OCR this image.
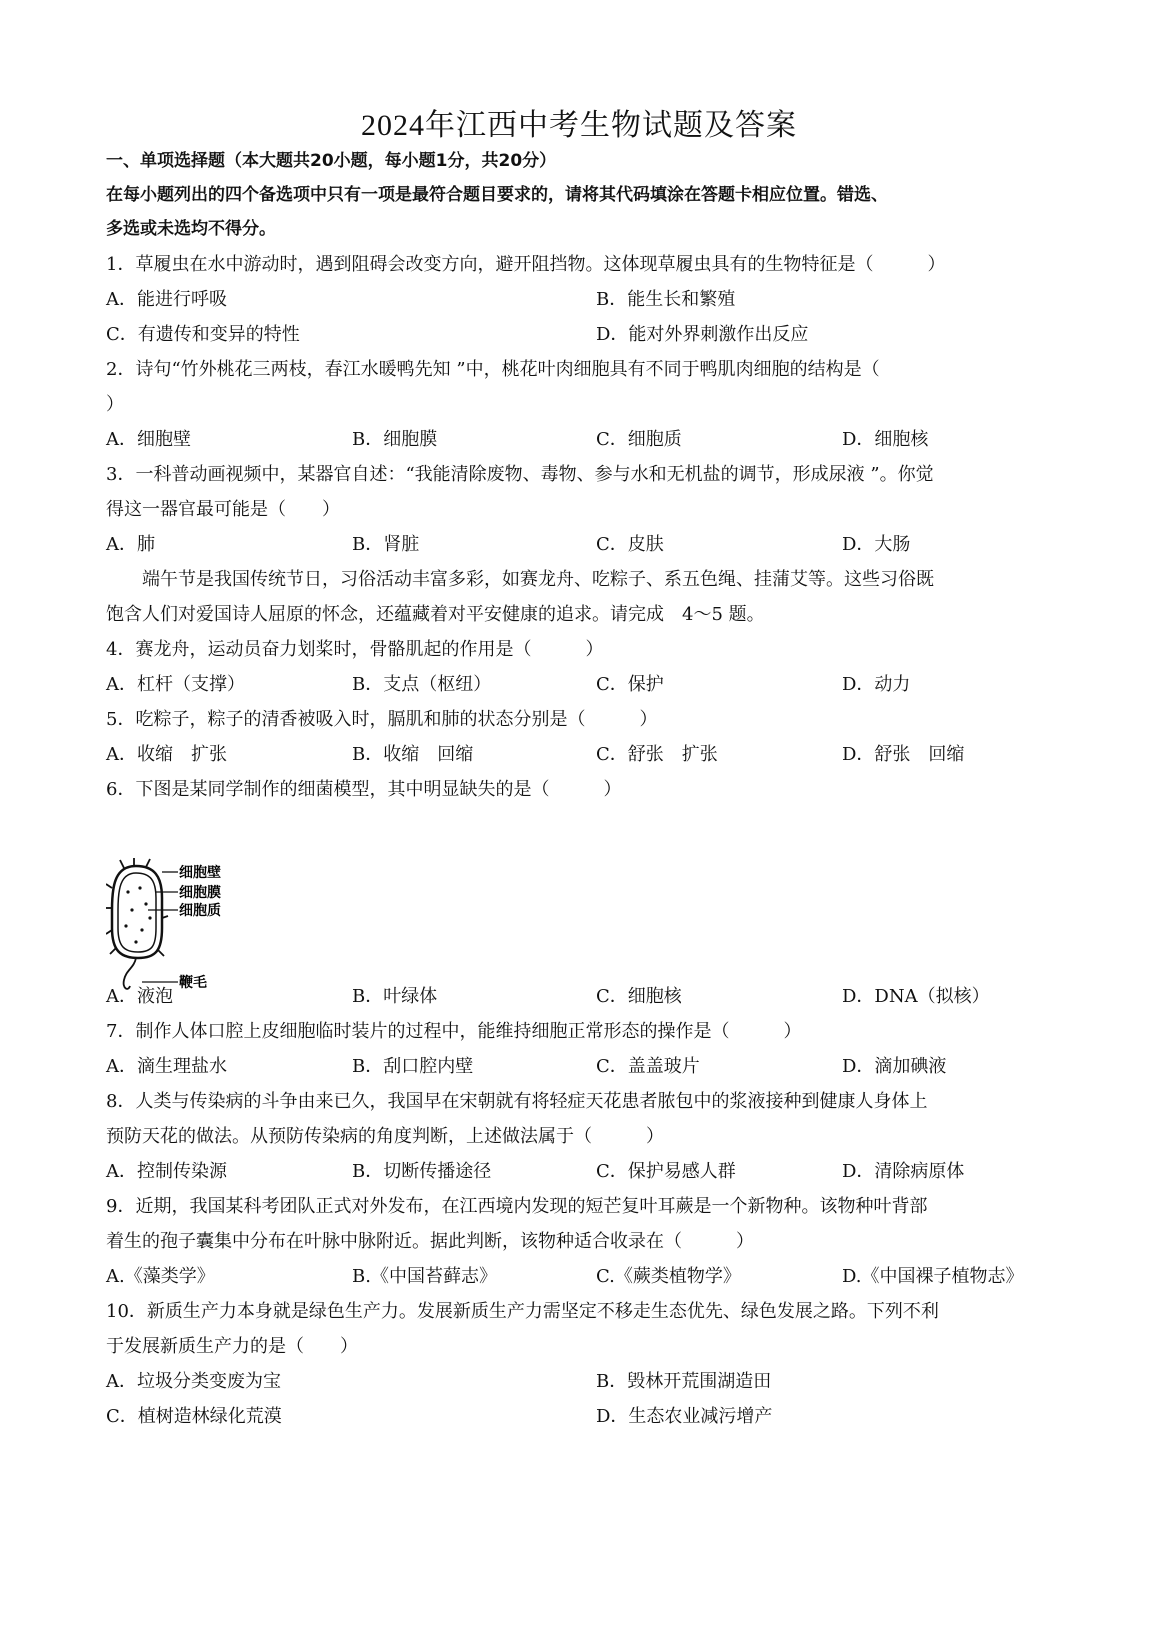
2024年江西中考生物试题及答案
一、单项选择题（本大题共20小题，每小题1分，共20分）
在每小题列出的四个备选项中只有一项是最符合题目要求的，请将其代码填涂在答题卡相应位置。错选、
多选或未选均不得分。
1．草履虫在水中游动时，遇到阻碍会改变方向，避开阻挡物。这体现草履虫具有的生物特征是（　　　）
A．能进行呼吸	B．能生长和繁殖
C．有遗传和变异的特性	D．能对外界刺激作出反应
2．诗句“竹外桃花三两枝，春江水暖鸭先知 ”中，桃花叶肉细胞具有不同于鸭肌肉细胞的结构是（
）
A．细胞壁	B．细胞膜	C．细胞质	D．细胞核
3．一科普动画视频中，某器官自述：“我能清除废物、毒物、参与水和无机盐的调节，形成尿液 ”。你觉
得这一器官最可能是（　　）
A．肺	B．肾脏	C．皮肤	D．大肠
端午节是我国传统节日，习俗活动丰富多彩，如赛龙舟、吃粽子、系五色绳、挂蒲艾等。这些习俗既
饱含人们对爱国诗人屈原的怀念，还蕴藏着对平安健康的追求。请完成　4～5 题。
4．赛龙舟，运动员奋力划桨时，骨骼肌起的作用是（　　　）
A．杠杆（支撑）	B．支点（枢纽）	C．保护	D．动力
5．吃粽子，粽子的清香被吸入时，膈肌和肺的状态分别是（　　　）
A．收缩　扩张	B．收缩　回缩	C．舒张　扩张	D．舒张　回缩
6．下图是某同学制作的细菌模型，其中明显缺失的是（　　　）
细胞壁
细胞膜
细胞质
鞭毛
A．液泡	B．叶绿体	C．细胞核	D．DNA（拟核）
7．制作人体口腔上皮细胞临时装片的过程中，能维持细胞正常形态的操作是（　　　）
A．滴生理盐水	B．刮口腔内壁	C．盖盖玻片	D．滴加碘液
8．人类与传染病的斗争由来已久，我国早在宋朝就有将轻症天花患者脓包中的浆液接种到健康人身体上
预防天花的做法。从预防传染病的角度判断，上述做法属于（　　　）
A．控制传染源	B．切断传播途径	C．保护易感人群	D．清除病原体
9．近期，我国某科考团队正式对外发布，在江西境内发现的短芒复叶耳蕨是一个新物种。该物种叶背部
着生的孢子囊集中分布在叶脉中脉附近。据此判断，该物种适合收录在（　　　）
A.《藻类学》	B.《中国苔藓志》	C.《蕨类植物学》	D.《中国裸子植物志》
10．新质生产力本身就是绿色生产力。发展新质生产力需坚定不移走生态优先、绿色发展之路。下列不利
于发展新质生产力的是（　　）
A．垃圾分类变废为宝	B．毁林开荒围湖造田
C．植树造林绿化荒漠	D．生态农业减污增产
